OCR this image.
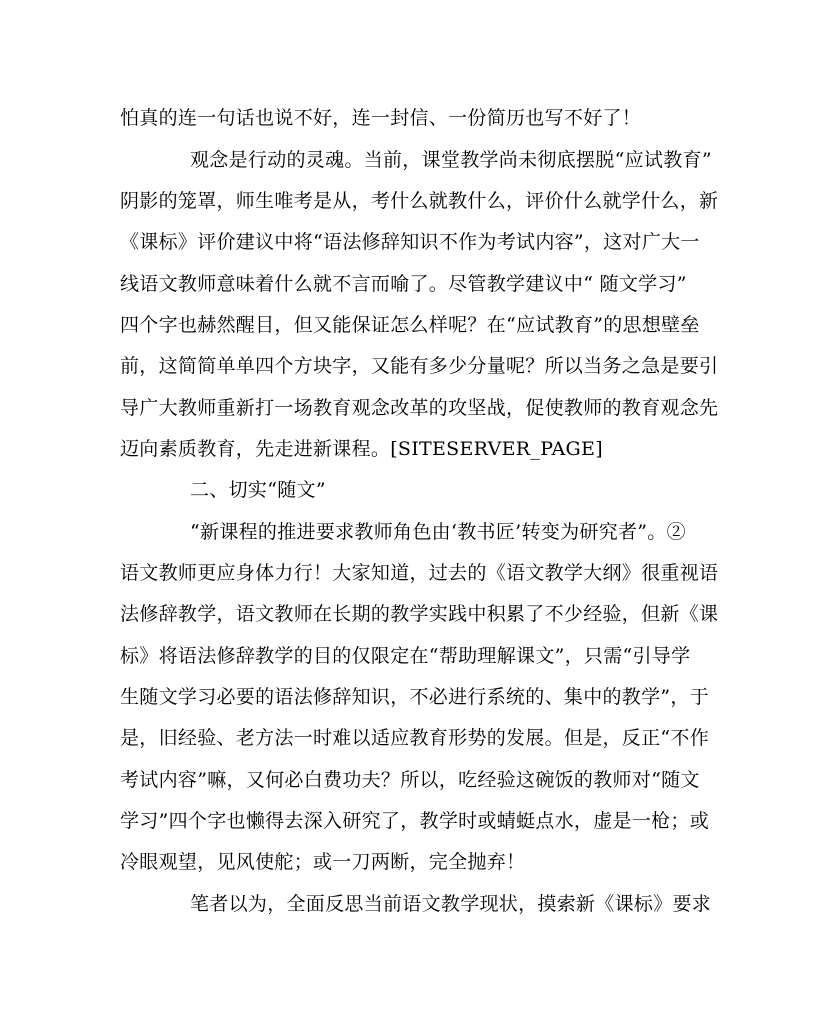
怕真的连一句话也说不好，连一封信、一份简历也写不好了！
观念是行动的灵魂。当前，课堂教学尚未彻底摆脱“应试教育”
阴影的笼罩，师生唯考是从，考什么就教什么，评价什么就学什么，新
《课标》评价建议中将“语法修辞知识不作为考试内容”，这对广大一
线语文教师意味着什么就不言而喻了。尽管教学建议中“ 随文学习”
四个字也赫然醒目，但又能保证怎么样呢？在“应试教育”的思想壁垒
前，这简简单单四个方块字，又能有多少分量呢？所以当务之急是要引
导广大教师重新打一场教育观念改革的攻坚战，促使教师的教育观念先
迈向素质教育，先走进新课程。[SITESERVER_PAGE]
二、切实“随文”
“新课程的推进要求教师角色由‘教书匠’转变为研究者”。②
语文教师更应身体力行！大家知道，过去的《语文教学大纲》很重视语
法修辞教学，语文教师在长期的教学实践中积累了不少经验，但新《课
标》将语法修辞教学的目的仅限定在“帮助理解课文”，只需“引导学
生随文学习必要的语法修辞知识，不必进行系统的、集中的教学”，于
是，旧经验、老方法一时难以适应教育形势的发展。但是，反正“不作
考试内容”嘛，又何必白费功夫？所以，吃经验这碗饭的教师对“随文
学习”四个字也懒得去深入研究了，教学时或蜻蜓点水，虚是一枪；或
冷眼观望，见风使舵；或一刀两断，完全抛弃！
笔者以为，全面反思当前语文教学现状，摸索新《课标》要求
